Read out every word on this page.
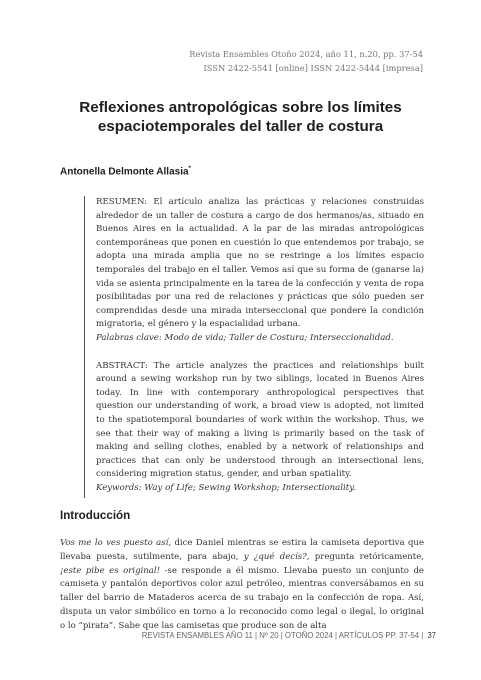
Revista Ensambles Otoño 2024, año 11, n.20, pp. 37-54
ISSN 2422-5541 [online] ISSN 2422-5444 [impresa]
Reflexiones antropológicas sobre los límites espaciotemporales del taller de costura
Antonella Delmonte Allasia*

RESUMEN: El artículo analiza las prácticas y relaciones construidas alrededor de un taller de costura a cargo de dos hermanos/as, situado en Buenos Aires en la actualidad. A la par de las miradas antropológicas contemporáneas que ponen en cuestión lo que entendemos por trabajo, se adopta una mirada amplia que no se restringe a los límites espacio temporales del trabajo en el taller. Vemos así que su forma de (ganarse la) vida se asienta principalmente en la tarea de la confección y venta de ropa posibilitadas por una red de relaciones y prácticas que sólo pueden ser comprendidas desde una mirada interseccional que pondere la condición migratoria, el género y la espacialidad urbana.

Palabras clave: Modo de vida; Taller de Costura; Interseccionalidad.

ABSTRACT: The article analyzes the practices and relationships built around a sewing workshop run by two siblings, located in Buenos Aires today. In line with contemporary anthropological perspectives that question our understanding of work, a broad view is adopted, not limited to the spatiotemporal boundaries of work within the workshop. Thus, we see that their way of making a living is primarily based on the task of making and selling clothes, enabled by a network of relationships and practices that can only be understood through an intersectional lens, considering migration status, gender, and urban spatiality.

Keywords: Way of Life; Sewing Workshop; Intersectionality.

Introducción
Vos me lo ves puesto así, dice Daniel mientras se estira la camiseta deportiva que llevaba puesta, sutilmente, para abajo, y ¿qué decís?, pregunta retóricamente, ¡este pibe es original! -se responde a él mismo. Llevaba puesto un conjunto de camiseta y pantalón deportivos color azul petróleo, mientras conversábamos en su taller del barrio de Mataderos acerca de su trabajo en la confección de ropa. Así, disputa un valor simbólico en torno a lo reconocido como legal o ilegal, lo original o lo “pirata”. Sabe que las camisetas que produce son de alta
REVISTA ENSAMBLES AÑO 11 | Nº 20 | OTOÑO 2024 | ARTÍCULOS PP. 37-54 | 37
